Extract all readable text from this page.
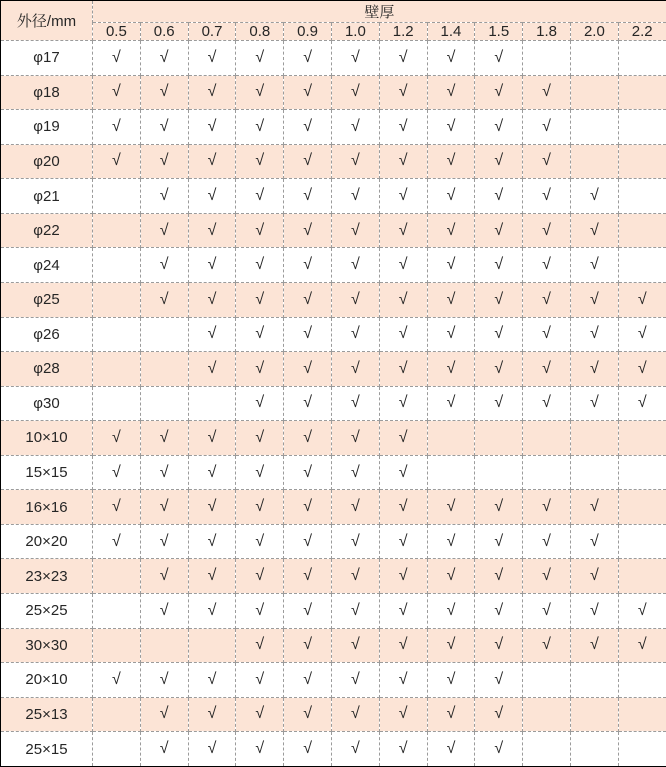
外径/mm	壁厚											
	0.5	0.6	0.7	0.8	0.9	1.0	1.2	1.4	1.5	1.8	2.0	2.2
φ17	√	√	√	√	√	√	√	√	√			
φ18	√	√	√	√	√	√	√	√	√	√		
φ19	√	√	√	√	√	√	√	√	√	√		
φ20	√	√	√	√	√	√	√	√	√	√		
φ21		√	√	√	√	√	√	√	√	√	√	
φ22		√	√	√	√	√	√	√	√	√	√	
φ24		√	√	√	√	√	√	√	√	√	√	
φ25		√	√	√	√	√	√	√	√	√	√	√
φ26			√	√	√	√	√	√	√	√	√	√
φ28			√	√	√	√	√	√	√	√	√	√
φ30				√	√	√	√	√	√	√	√	√
10×10	√	√	√	√	√	√	√					
15×15	√	√	√	√	√	√	√					
16×16	√	√	√	√	√	√	√	√	√	√	√	
20×20	√	√	√	√	√	√	√	√	√	√	√	
23×23		√	√	√	√	√	√	√	√	√	√	
25×25		√	√	√	√	√	√	√	√	√	√	√
30×30				√	√	√	√	√	√	√	√	√
20×10	√	√	√	√	√	√	√	√	√			
25×13		√	√	√	√	√	√	√	√			
25×15		√	√	√	√	√	√	√	√			
